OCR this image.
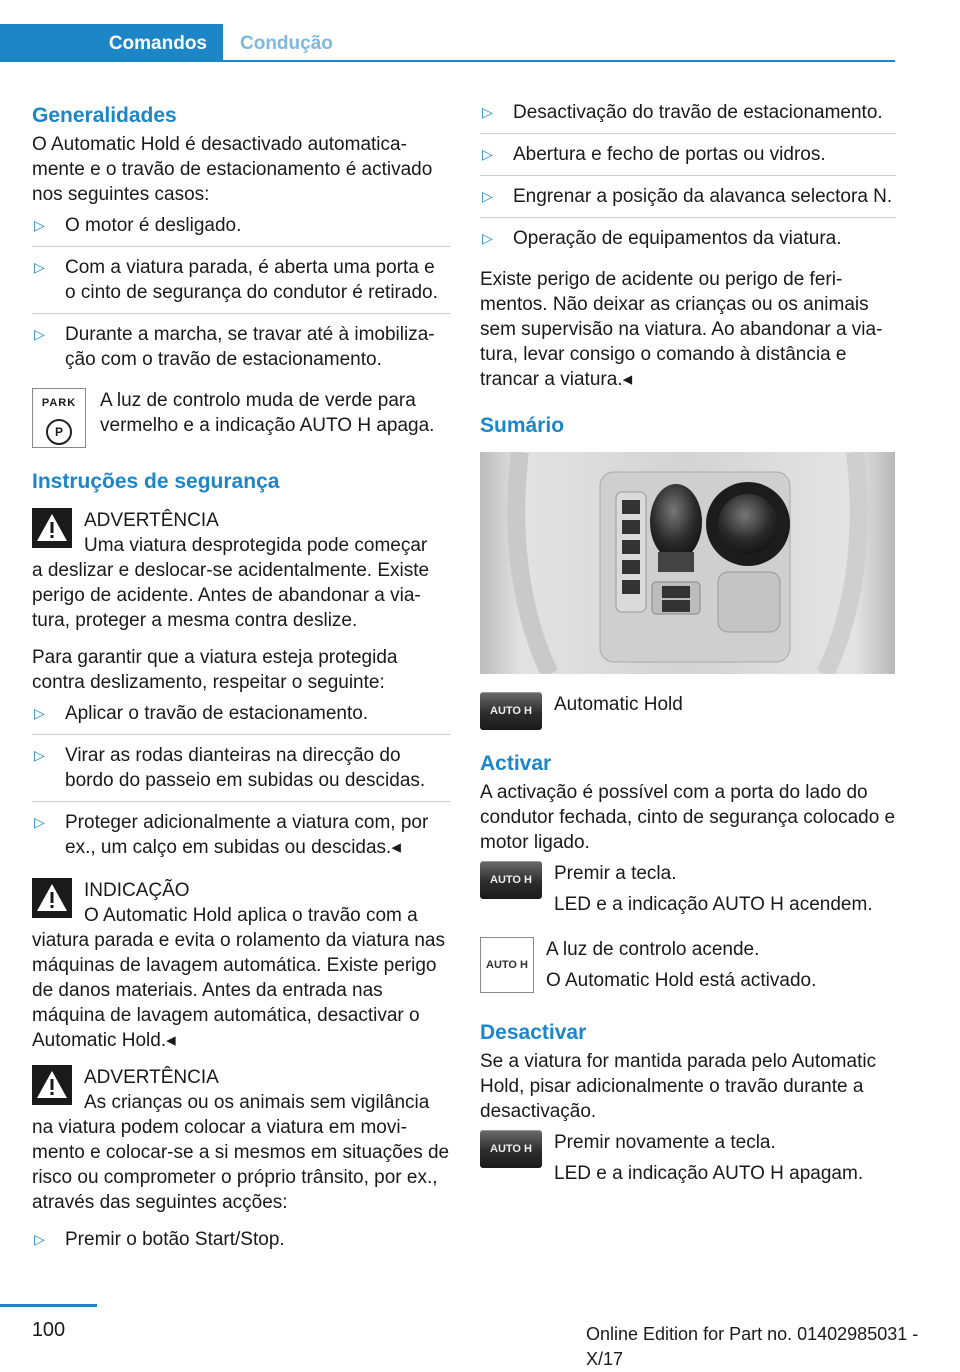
Comandos	Condução
Generalidades

O Automatic Hold é desactivado automaticamente e o travão de estacionamento é activado nos seguintes casos:

▷ O motor é desligado.
▷ Com a viatura parada, é aberta uma porta e o cinto de segurança do condutor é retirado.
▷ Durante a marcha, se travar até à imobilização com o travão de estacionamento.
PARK
P
A luz de controlo muda de verde para vermelho e a indicação AUTO H apaga.
Instruções de segurança
ADVERTÊNCIA
Uma viatura desprotegida pode começar
a deslizar e deslocar-se acidentalmente. Existe perigo de acidente. Antes de abandonar a viatura, proteger a mesma contra deslize.

Para garantir que a viatura esteja protegida contra deslizamento, respeitar o seguinte:

▷ Aplicar o travão de estacionamento.
▷ Virar as rodas dianteiras na direcção do bordo do passeio em subidas ou descidas.
▷ Proteger adicionalmente a viatura com, por ex., um calço em subidas ou descidas.◂
INDICAÇÃO
O Automatic Hold aplica o travão com a
viatura parada e evita o rolamento da viatura nas máquinas de lavagem automática. Existe perigo de danos materiais. Antes da entrada nas máquina de lavagem automática, desactivar o Automatic Hold.◂
ADVERTÊNCIA
As crianças ou os animais sem vigilância
na viatura podem colocar a viatura em movimento e colocar-se a si mesmos em situações de risco ou comprometer o próprio trânsito, por ex., através das seguintes acções:
▷ Premir o botão Start/Stop.
▷ Desactivação do travão de estacionamento.
▷ Abertura e fecho de portas ou vidros.
▷ Engrenar a posição da alavanca selectora N.
▷ Operação de equipamentos da viatura.

Existe perigo de acidente ou perigo de ferimentos. Não deixar as crianças ou os animais sem supervisão na viatura. Ao abandonar a viatura, levar consigo o comando à distância e trancar a viatura.◂

Sumário
AUTO H	Automatic Hold
Activar

A activação é possível com a porta do lado do condutor fechada, cinto de segurança colocado e motor ligado.

AUTO H	Premir a tecla.

LED e a indicação AUTO H acendem.

AUTO H

A luz de controlo acende.

O Automatic Hold está activado.

Desactivar

Se a viatura for mantida parada pelo Automatic Hold, pisar adicionalmente o travão durante a desactivação.

AUTO H	Premir novamente a tecla.

LED e a indicação AUTO H apagam.

100	Online Edition for Part no. 01402985031 - X/17
